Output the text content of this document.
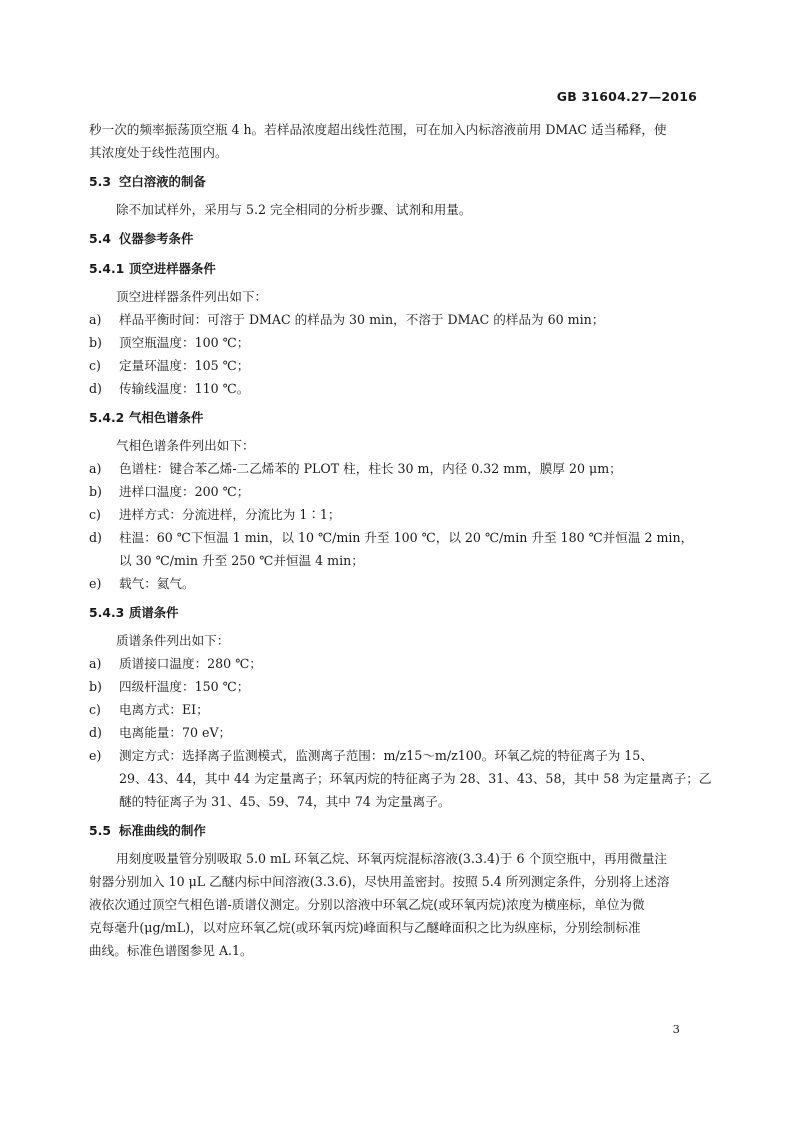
GB 31604.27—2016
秒一次的频率振荡顶空瓶 4 h。若样品浓度超出线性范围，可在加入内标溶液前用 DMAC 适当稀释，使
其浓度处于线性范围内。
5.3 空白溶液的制备
除不加试样外，采用与 5.2 完全相同的分析步骤、试剂和用量。
5.4 仪器参考条件
5.4.1 顶空进样器条件
顶空进样器条件列出如下：
a) 样品平衡时间：可溶于 DMAC 的样品为 30 min，不溶于 DMAC 的样品为 60 min；
b) 顶空瓶温度：100 ℃；
c) 定量环温度：105 ℃；
d) 传输线温度：110 ℃。
5.4.2 气相色谱条件
气相色谱条件列出如下：
a) 色谱柱：键合苯乙烯-二乙烯苯的 PLOT 柱，柱长 30 m，内径 0.32 mm，膜厚 20 μm；
b) 进样口温度：200 ℃；
c) 进样方式：分流进样，分流比为 1∶1；
d) 柱温：60 ℃下恒温 1 min，以 10 ℃/min 升至 100 ℃，以 20 ℃/min 升至 180 ℃并恒温 2 min，
以 30 ℃/min 升至 250 ℃并恒温 4 min；
e) 载气：氦气。
5.4.3 质谱条件
质谱条件列出如下：
a) 质谱接口温度：280 ℃；
b) 四级杆温度：150 ℃；
c) 电离方式：EI；
d) 电离能量：70 eV；
e) 测定方式：选择离子监测模式，监测离子范围：m/z15～m/z100。环氧乙烷的特征离子为 15、
29、43、44，其中 44 为定量离子；环氧丙烷的特征离子为 28、31、43、58，其中 58 为定量离子；乙
醚的特征离子为 31、45、59、74，其中 74 为定量离子。
5.5 标准曲线的制作
用刻度吸量管分别吸取 5.0 mL 环氧乙烷、环氧丙烷混标溶液(3.3.4)于 6 个顶空瓶中，再用微量注
射器分别加入 10 μL 乙醚内标中间溶液(3.3.6)，尽快用盖密封。按照 5.4 所列测定条件，分别将上述溶
液依次通过顶空气相色谱-质谱仪测定。分别以溶液中环氧乙烷(或环氧丙烷)浓度为横座标，单位为微
克每毫升(μg/mL)，以对应环氧乙烷(或环氧丙烷)峰面积与乙醚峰面积之比为纵座标，分别绘制标准
曲线。标准色谱图参见 A.1。
3
